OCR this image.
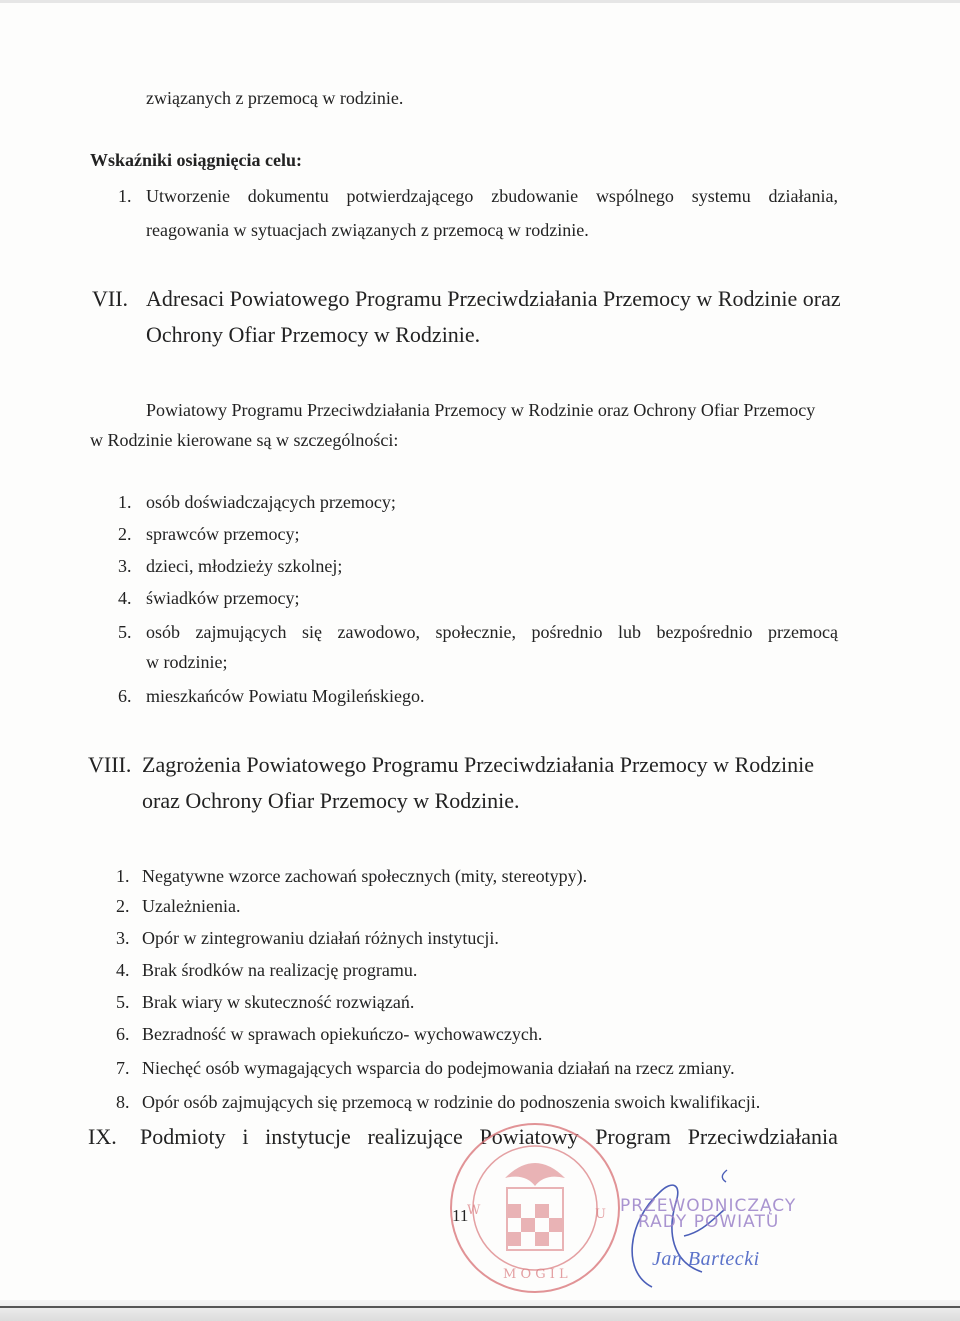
związanych z przemocą w rodzinie.
Wskaźniki osiągnięcia celu:
1. Utworzenie dokumentu potwierdzającego zbudowanie wspólnego systemu działania,
reagowania w sytuacjach związanych z przemocą w rodzinie.
VII. Adresaci Powiatowego Programu Przeciwdziałania Przemocy w Rodzinie oraz
Ochrony Ofiar Przemocy w Rodzinie.
Powiatowy Programu Przeciwdziałania Przemocy w Rodzinie oraz Ochrony Ofiar Przemocy
w Rodzinie kierowane są w szczególności:
1. osób doświadczających przemocy;
2. sprawców przemocy;
3. dzieci, młodzieży szkolnej;
4. świadków przemocy;
5. osób zajmujących się zawodowo, społecznie, pośrednio lub bezpośrednio przemocą
w rodzinie;
6. mieszkańców Powiatu Mogileńskiego.
VIII. Zagrożenia Powiatowego Programu Przeciwdziałania Przemocy w Rodzinie
oraz Ochrony Ofiar Przemocy w Rodzinie.
1. Negatywne wzorce zachowań społecznych (mity, stereotypy).
2. Uzależnienia.
3. Opór w zintegrowaniu działań różnych instytucji.
4. Brak środków na realizację programu.
5. Brak wiary w skuteczność rozwiązań.
6. Bezradność w sprawach opiekuńczo- wychowawczych.
7. Niechęć osób wymagających wsparcia do podejmowania działań na rzecz zmiany.
8. Opór osób zajmujących się przemocą w rodzinie do podnoszenia swoich kwalifikacji.
IX. Podmioty i instytucje realizujące Powiatowy Program Przeciwdziałania
W	U
M O G I L
11	PRZEWODNICZĄCY
RADY POWIATU
Jan Bartecki
